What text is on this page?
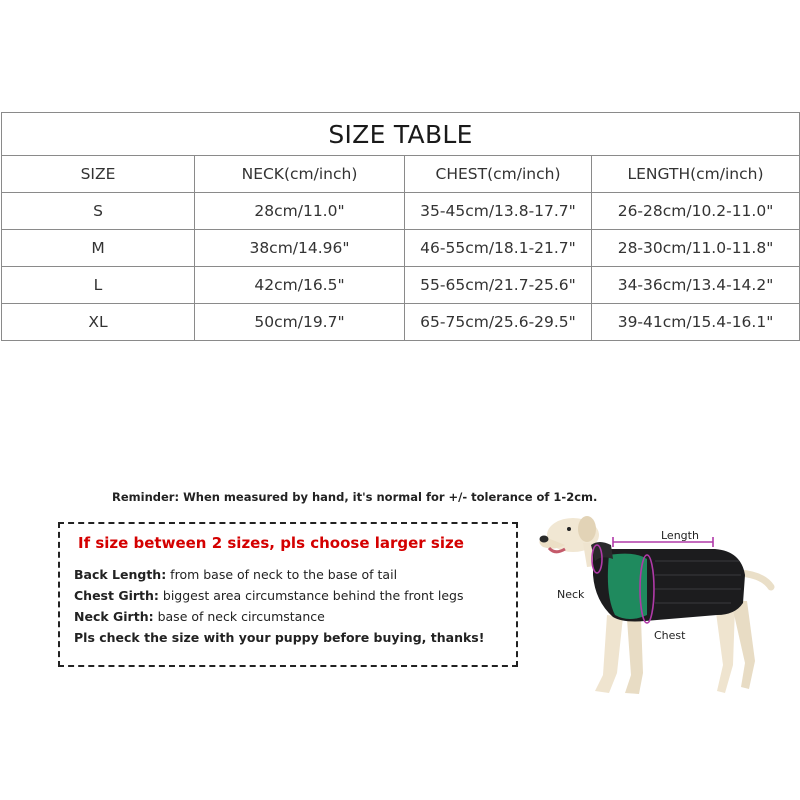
SIZE TABLE			
SIZE	NECK(cm/inch)	CHEST(cm/inch)	LENGTH(cm/inch)
S	28cm/11.0"	35-45cm/13.8-17.7"	26-28cm/10.2-11.0"
M	38cm/14.96"	46-55cm/18.1-21.7"	28-30cm/11.0-11.8"
L	42cm/16.5"	55-65cm/21.7-25.6"	34-36cm/13.4-14.2"
XL	50cm/19.7"	65-75cm/25.6-29.5"	39-41cm/15.4-16.1"
Reminder: When measured by hand, it's normal for +/- tolerance of 1-2cm.
If size between 2 sizes, pls choose larger size
Back Length: from base of neck to the base of tail
Chest Girth: biggest area circumstance behind the front legs
Neck Girth: base of neck circumstance
Pls check the size with your puppy before buying, thanks!
Length
Neck
Chest
